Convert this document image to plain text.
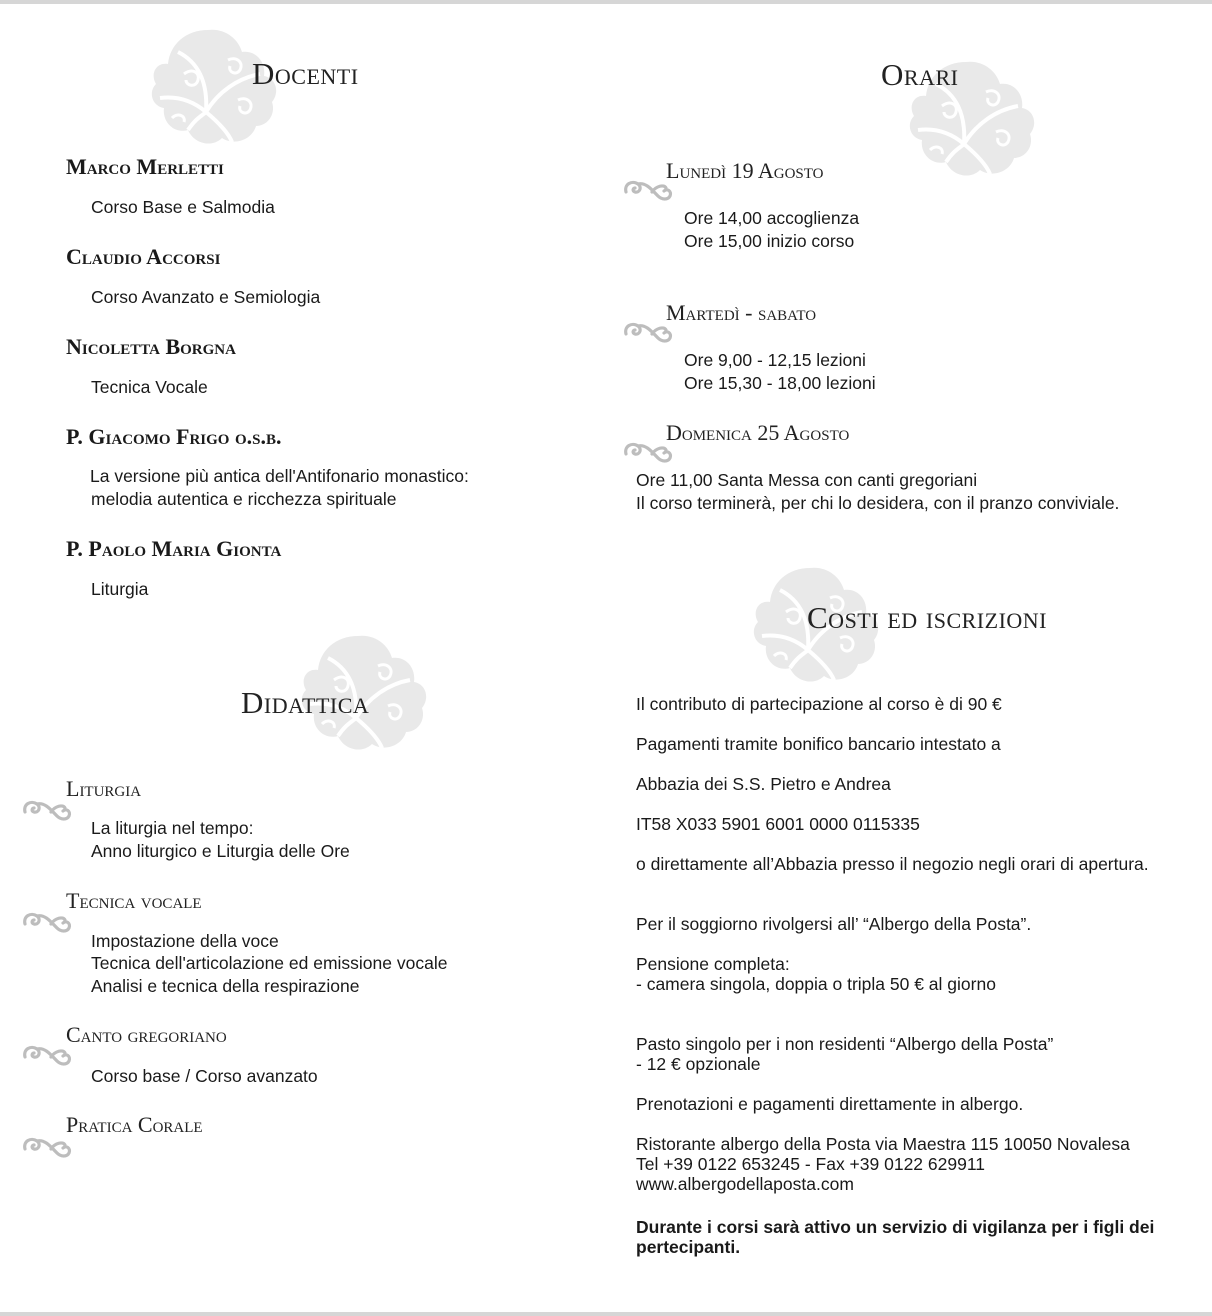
Docenti
Marco Merletti
Corso Base e Salmodia
Claudio Accorsi
Corso Avanzato e Semiologia
Nicoletta Borgna
Tecnica Vocale
P. Giacomo Frigo o.s.b.
La versione più antica dell'Antifonario monastico:
melodia autentica e ricchezza spirituale
P. Paolo Maria Gionta
Liturgia
Didattica
Liturgia
La liturgia nel tempo:
Anno liturgico e Liturgia delle Ore
Tecnica vocale
Impostazione della voce
Tecnica dell'articolazione ed emissione vocale
Analisi e tecnica della respirazione
Canto gregoriano
Corso base / Corso avanzato
Pratica Corale
Orari
Lunedì 19 Agosto
Ore 14,00 accoglienza
Ore 15,00 inizio corso
Martedì - sabato
Ore 9,00 - 12,15 lezioni
Ore 15,30 - 18,00 lezioni
Domenica 25 Agosto
Ore 11,00 Santa Messa con canti gregoriani
Il corso terminerà, per chi lo desidera, con il pranzo conviviale.
Costi ed iscrizioni
Il contributo di partecipazione al corso è di 90 €
Pagamenti tramite bonifico bancario intestato a
Abbazia dei S.S. Pietro e Andrea
IT58 X033 5901 6001 0000 0115335
o direttamente all’Abbazia presso il negozio negli orari di apertura.
Per il soggiorno rivolgersi all’ “Albergo della Posta”.
Pensione completa:
- camera singola, doppia o tripla 50 € al giorno
Pasto singolo per i non residenti “Albergo della Posta”
- 12 € opzionale
Prenotazioni e pagamenti direttamente in albergo.
Ristorante albergo della Posta via Maestra 115 10050 Novalesa
Tel +39 0122 653245 - Fax +39 0122 629911
www.albergodellaposta.com
Durante i corsi sarà attivo un servizio di vigilanza per i figli dei
pertecipanti.
